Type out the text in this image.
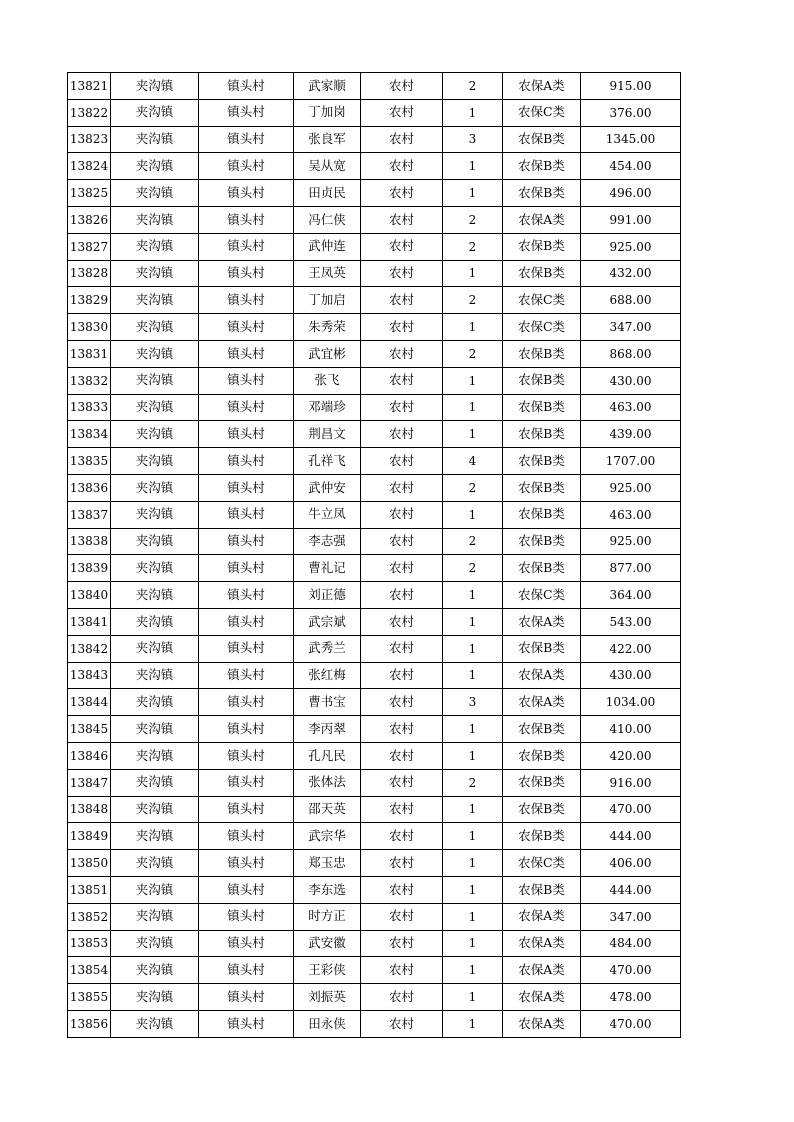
13821	夹沟镇	镇头村	武家顺	农村	2	农保A类	915.00
13822	夹沟镇	镇头村	丁加岗	农村	1	农保C类	376.00
13823	夹沟镇	镇头村	张良军	农村	3	农保B类	1345.00
13824	夹沟镇	镇头村	吴从宽	农村	1	农保B类	454.00
13825	夹沟镇	镇头村	田贞民	农村	1	农保B类	496.00
13826	夹沟镇	镇头村	冯仁侠	农村	2	农保A类	991.00
13827	夹沟镇	镇头村	武仲连	农村	2	农保B类	925.00
13828	夹沟镇	镇头村	王凤英	农村	1	农保B类	432.00
13829	夹沟镇	镇头村	丁加启	农村	2	农保C类	688.00
13830	夹沟镇	镇头村	朱秀荣	农村	1	农保C类	347.00
13831	夹沟镇	镇头村	武宜彬	农村	2	农保B类	868.00
13832	夹沟镇	镇头村	张飞	农村	1	农保B类	430.00
13833	夹沟镇	镇头村	邓端珍	农村	1	农保B类	463.00
13834	夹沟镇	镇头村	荆昌文	农村	1	农保B类	439.00
13835	夹沟镇	镇头村	孔祥飞	农村	4	农保B类	1707.00
13836	夹沟镇	镇头村	武仲安	农村	2	农保B类	925.00
13837	夹沟镇	镇头村	牛立凤	农村	1	农保B类	463.00
13838	夹沟镇	镇头村	李志强	农村	2	农保B类	925.00
13839	夹沟镇	镇头村	曹礼记	农村	2	农保B类	877.00
13840	夹沟镇	镇头村	刘正德	农村	1	农保C类	364.00
13841	夹沟镇	镇头村	武宗斌	农村	1	农保A类	543.00
13842	夹沟镇	镇头村	武秀兰	农村	1	农保B类	422.00
13843	夹沟镇	镇头村	张红梅	农村	1	农保A类	430.00
13844	夹沟镇	镇头村	曹书宝	农村	3	农保A类	1034.00
13845	夹沟镇	镇头村	李丙翠	农村	1	农保B类	410.00
13846	夹沟镇	镇头村	孔凡民	农村	1	农保B类	420.00
13847	夹沟镇	镇头村	张体法	农村	2	农保B类	916.00
13848	夹沟镇	镇头村	邵天英	农村	1	农保B类	470.00
13849	夹沟镇	镇头村	武宗华	农村	1	农保B类	444.00
13850	夹沟镇	镇头村	郑玉忠	农村	1	农保C类	406.00
13851	夹沟镇	镇头村	李东选	农村	1	农保B类	444.00
13852	夹沟镇	镇头村	时方正	农村	1	农保A类	347.00
13853	夹沟镇	镇头村	武安徽	农村	1	农保A类	484.00
13854	夹沟镇	镇头村	王彩侠	农村	1	农保A类	470.00
13855	夹沟镇	镇头村	刘振英	农村	1	农保A类	478.00
13856	夹沟镇	镇头村	田永侠	农村	1	农保A类	470.00
